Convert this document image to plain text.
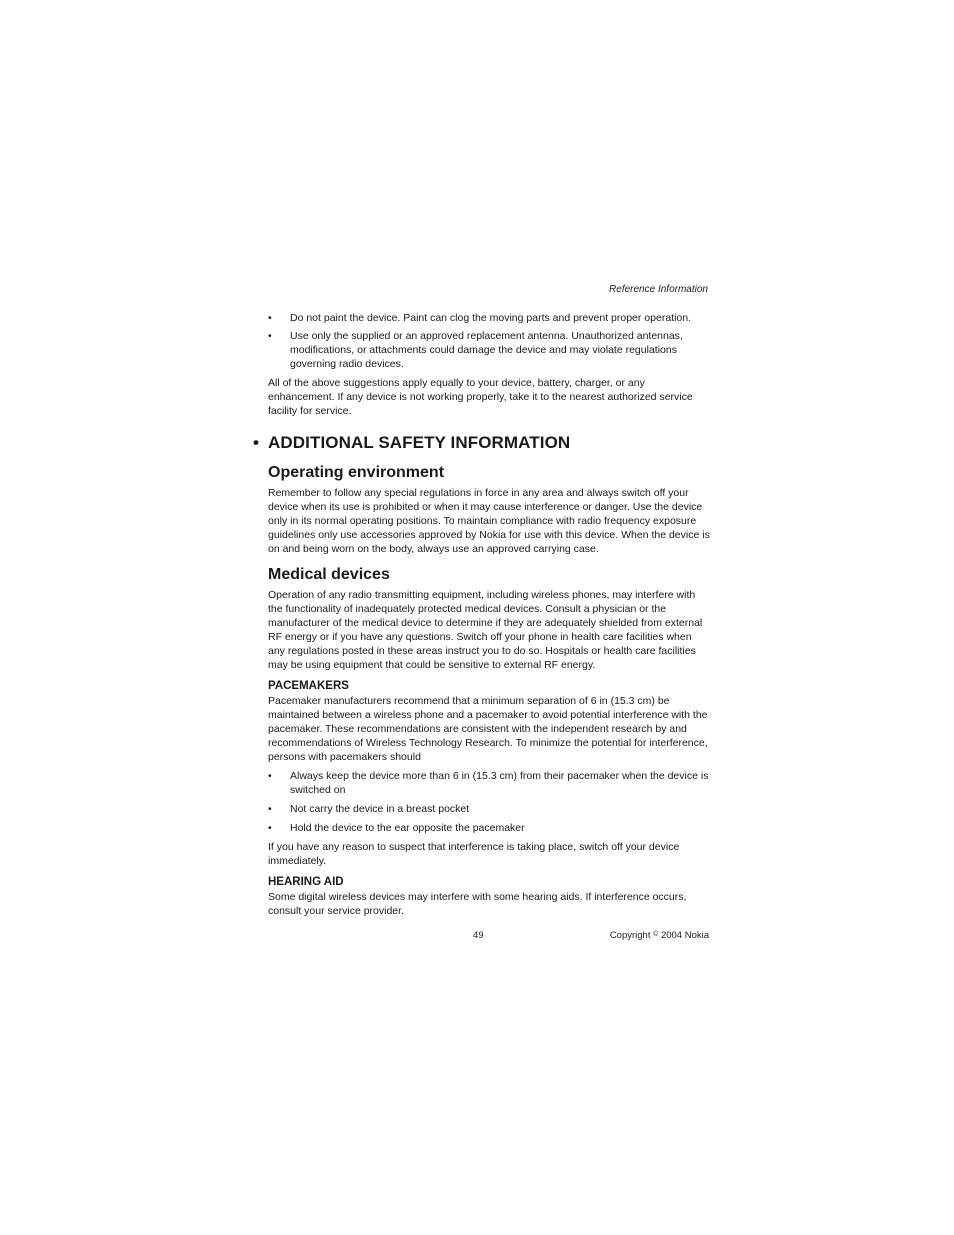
Reference Information
• Do not paint the device. Paint can clog the moving parts and prevent proper operation.
• Use only the supplied or an approved replacement antenna. Unauthorized antennas, modifications, or attachments could damage the device and may violate regulations governing radio devices.

All of the above suggestions apply equally to your device, battery, charger, or any enhancement. If any device is not working properly, take it to the nearest authorized service facility for service.

• ADDITIONAL SAFETY INFORMATION
Operating environment

Remember to follow any special regulations in force in any area and always switch off your device when its use is prohibited or when it may cause interference or danger. Use the device only in its normal operating positions. To maintain compliance with radio frequency exposure guidelines only use accessories approved by Nokia for use with this device. When the device is on and being worn on the body, always use an approved carrying case.

Medical devices

Operation of any radio transmitting equipment, including wireless phones, may interfere with the functionality of inadequately protected medical devices. Consult a physician or the manufacturer of the medical device to determine if they are adequately shielded from external RF energy or if you have any questions. Switch off your phone in health care facilities when any regulations posted in these areas instruct you to do so. Hospitals or health care facilities may be using equipment that could be sensitive to external RF energy.

PACEMAKERS

Pacemaker manufacturers recommend that a minimum separation of 6 in (15.3 cm) be maintained between a wireless phone and a pacemaker to avoid potential interference with the pacemaker. These recommendations are consistent with the independent research by and recommendations of Wireless Technology Research. To minimize the potential for interference, persons with pacemakers should

• Always keep the device more than 6 in (15.3 cm) from their pacemaker when the device is switched on
• Not carry the device in a breast pocket
• Hold the device to the ear opposite the pacemaker

If you have any reason to suspect that interference is taking place, switch off your device immediately.

HEARING AID

Some digital wireless devices may interfere with some hearing aids. If interference occurs, consult your service provider.

49	Copyright © 2004 Nokia
